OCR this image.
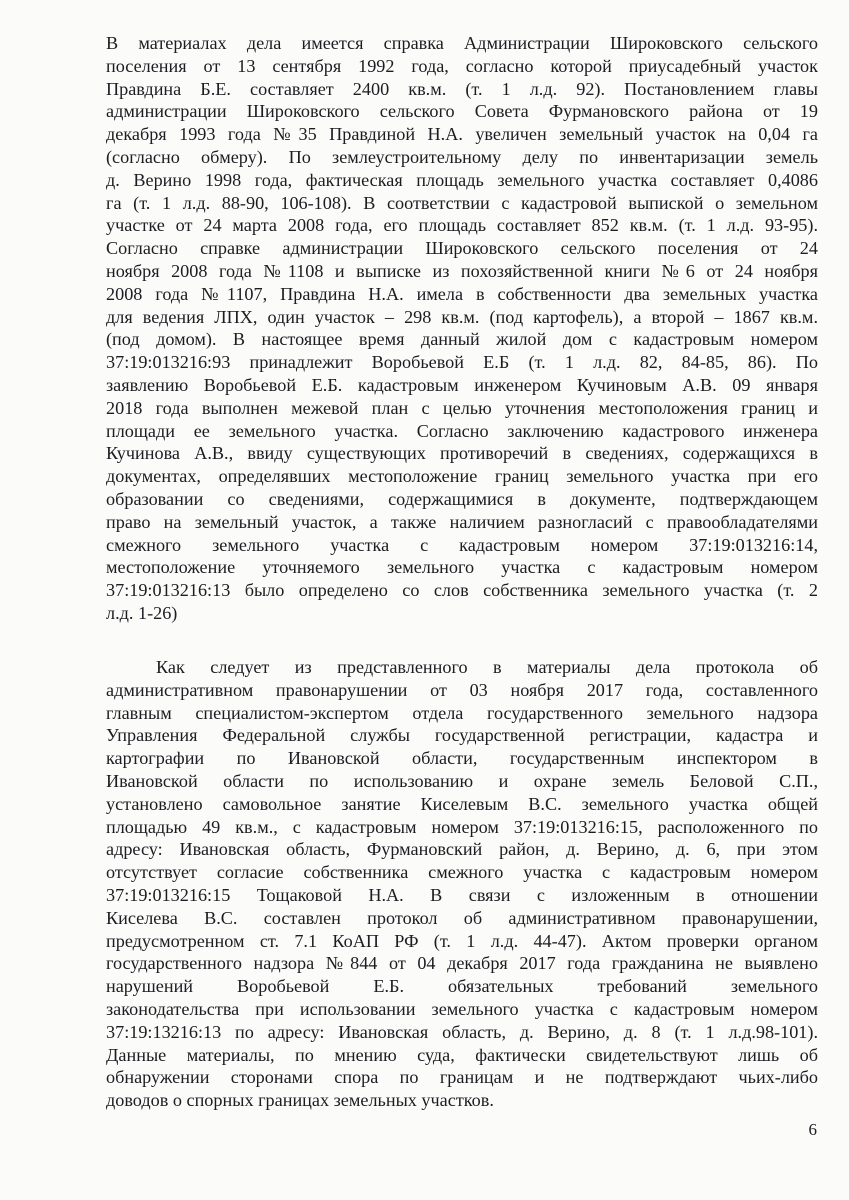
В материалах дела имеется справка Администрации Широковского сельского
поселения от 13 сентября 1992 года, согласно которой приусадебный участок
Правдина Б.Е. составляет 2400 кв.м. (т. 1 л.д. 92). Постановлением главы
администрации Широковского сельского Совета Фурмановского района от 19
декабря 1993 года №35 Правдиной Н.А. увеличен земельный участок на 0,04 га
(согласно обмеру). По землеустроительному делу по инвентаризации земель
д. Верино 1998 года, фактическая площадь земельного участка составляет 0,4086
га (т. 1 л.д. 88-90, 106-108). В соответствии с кадастровой выпиской о земельном
участке от 24 марта 2008 года, его площадь составляет 852 кв.м. (т. 1 л.д. 93-95).
Согласно справке администрации Широковского сельского поселения от 24
ноября 2008 года №1108 и выписке из похозяйственной книги №6 от 24 ноября
2008 года №1107, Правдина Н.А. имела в собственности два земельных участка
для ведения ЛПХ, один участок – 298 кв.м. (под картофель), а второй – 1867 кв.м.
(под домом). В настоящее время данный жилой дом с кадастровым номером
37:19:013216:93 принадлежит Воробьевой Е.Б (т. 1 л.д. 82, 84-85, 86). По
заявлению Воробьевой Е.Б. кадастровым инженером Кучиновым А.В. 09 января
2018 года выполнен межевой план с целью уточнения местоположения границ и
площади ее земельного участка. Согласно заключению кадастрового инженера
Кучинова А.В., ввиду существующих противоречий в сведениях, содержащихся в
документах, определявших местоположение границ земельного участка при его
образовании со сведениями, содержащимися в документе, подтверждающем
право на земельный участок, а также наличием разногласий с правообладателями
смежного земельного участка с кадастровым номером 37:19:013216:14,
местоположение уточняемого земельного участка с кадастровым номером
37:19:013216:13 было определено со слов собственника земельного участка (т. 2
л.д. 1-26)
Как следует из представленного в материалы дела протокола об
административном правонарушении от 03 ноября 2017 года, составленного
главным специалистом-экспертом отдела государственного земельного надзора
Управления Федеральной службы государственной регистрации, кадастра и
картографии по Ивановской области, государственным инспектором в
Ивановской области по использованию и охране земель Беловой С.П.,
установлено самовольное занятие Киселевым В.С. земельного участка общей
площадью 49 кв.м., с кадастровым номером 37:19:013216:15, расположенного по
адресу: Ивановская область, Фурмановский район, д. Верино, д. 6, при этом
отсутствует согласие собственника смежного участка с кадастровым номером
37:19:013216:15 Тощаковой Н.А. В связи с изложенным в отношении
Киселева В.С. составлен протокол об административном правонарушении,
предусмотренном ст. 7.1 КоАП РФ (т. 1 л.д. 44-47). Актом проверки органом
государственного надзора №844 от 04 декабря 2017 года гражданина не выявлено
нарушений Воробьевой Е.Б. обязательных требований земельного
законодательства при использовании земельного участка с кадастровым номером
37:19:13216:13 по адресу: Ивановская область, д. Верино, д. 8 (т. 1 л.д.98-101).
Данные материалы, по мнению суда, фактически свидетельствуют лишь об
обнаружении сторонами спора по границам и не подтверждают чьих-либо
доводов о спорных границах земельных участков.
6
